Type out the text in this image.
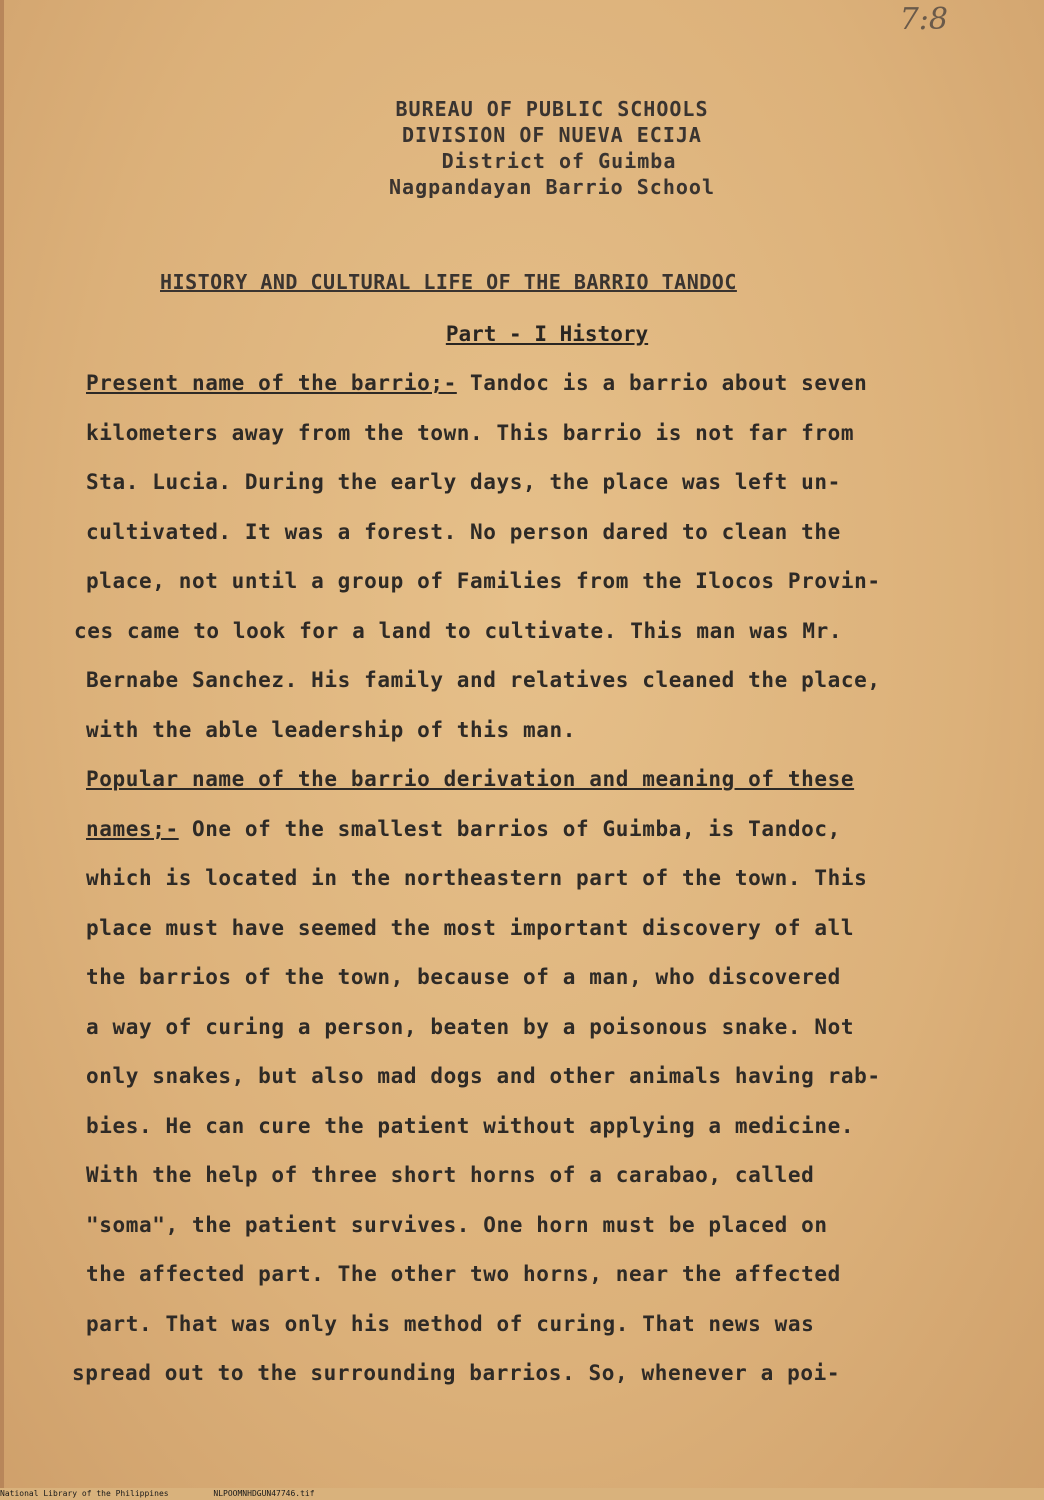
7:8
BUREAU OF PUBLIC SCHOOLS
DIVISION OF NUEVA ECIJA
District of Guimba
Nagpandayan Barrio School
HISTORY AND CULTURAL LIFE OF THE BARRIO TANDOC
Part - I History
Present name of the barrio;- Tandoc is a barrio about seven
kilometers away from the town. This barrio is not far from
Sta. Lucia. During the early days, the place was left un-
cultivated. It was a forest. No person dared to clean the
place, not until a group of Families from the Ilocos Provin-
ces came to look for a land to cultivate. This man was Mr.
Bernabe Sanchez. His family and relatives cleaned the place,
with the able leadership of this man.
Popular name of the barrio derivation and meaning of these
names;- One of the smallest barrios of Guimba, is Tandoc,
which is located in the northeastern part of the town. This
place must have seemed the most important discovery of all
the barrios of the town, because of a man, who discovered
a way of curing a person, beaten by a poisonous snake. Not
only snakes, but also mad dogs and other animals having rab-
bies. He can cure the patient without applying a medicine.
With the help of three short horns of a carabao, called
"soma", the patient survives. One horn must be placed on
the affected part. The other two horns, near the affected
part. That was only his method of curing. That news was
spread out to the surrounding barrios. So, whenever a poi-
National Library of the Philippines	NLPOOMNHDGUN47746.tif
